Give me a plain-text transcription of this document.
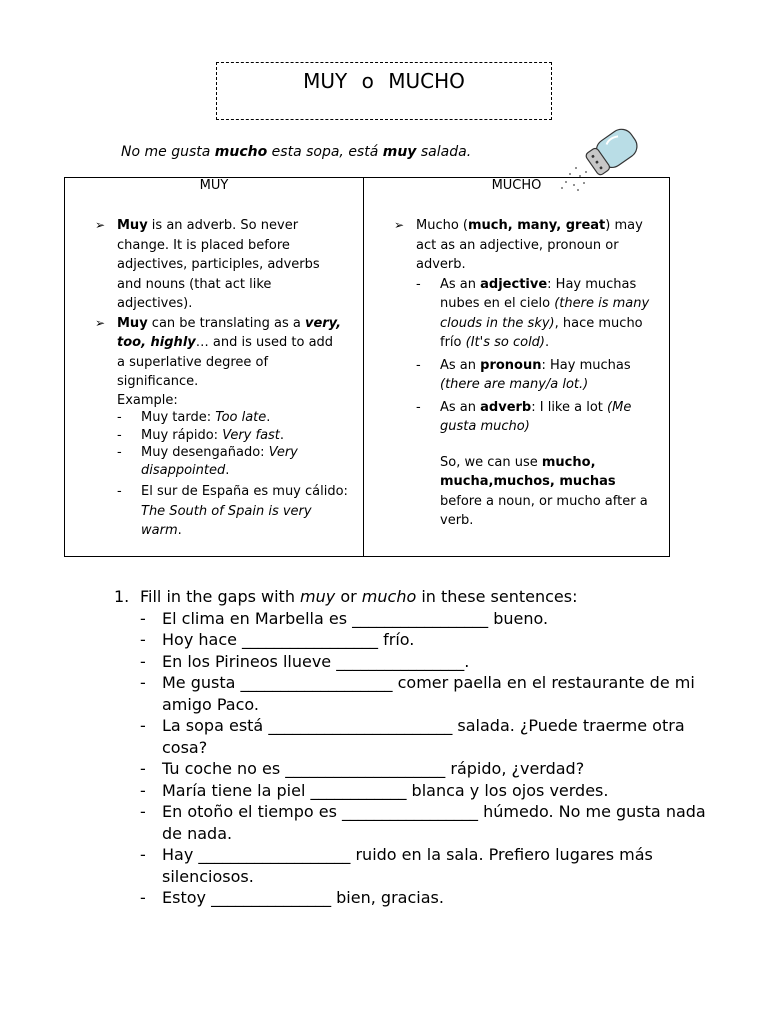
MUY o MUCHO
No me gusta mucho esta sopa, está muy salada.
MUY
➢ Muy is an adverb. So never change. It is placed before adjectives, participles, adverbs and nouns (that act like adjectives).
➢ Muy can be translating as a very, too, highly… and is used to add a superlative degree of significance.
Example:
- Muy tarde: Too late.
- Muy rápido: Very fast.
- Muy desengañado: Very disappointed.
- El sur de España es muy cálido: The South of Spain is very warm.

MUCHO
➢ Mucho (much, many, great) may act as an adjective, pronoun or adverb.
- As an adjective: Hay muchas nubes en el cielo (there is many clouds in the sky), hace mucho frío (It's so cold).
- As an pronoun: Hay muchas (there are many/a lot.)
- As an adverb: I like a lot (Me gusta mucho)
So, we can use mucho, mucha,muchos, muchas before a noun, or mucho after a verb.
1. Fill in the gaps with muy or mucho in these sentences:
- El clima en Marbella es _________________ bueno.
- Hoy hace _________________ frío.
- En los Pirineos llueve ________________.
- Me gusta ___________________ comer paella en el restaurante de mi amigo Paco.
- La sopa está _______________________ salada. ¿Puede traerme otra cosa?
- Tu coche no es ____________________ rápido, ¿verdad?
- María tiene la piel ____________ blanca y los ojos verdes.
- En otoño el tiempo es _________________ húmedo. No me gusta nada de nada.
- Hay ___________________ ruido en la sala. Prefiero lugares más silenciosos.
- Estoy _______________ bien, gracias.
